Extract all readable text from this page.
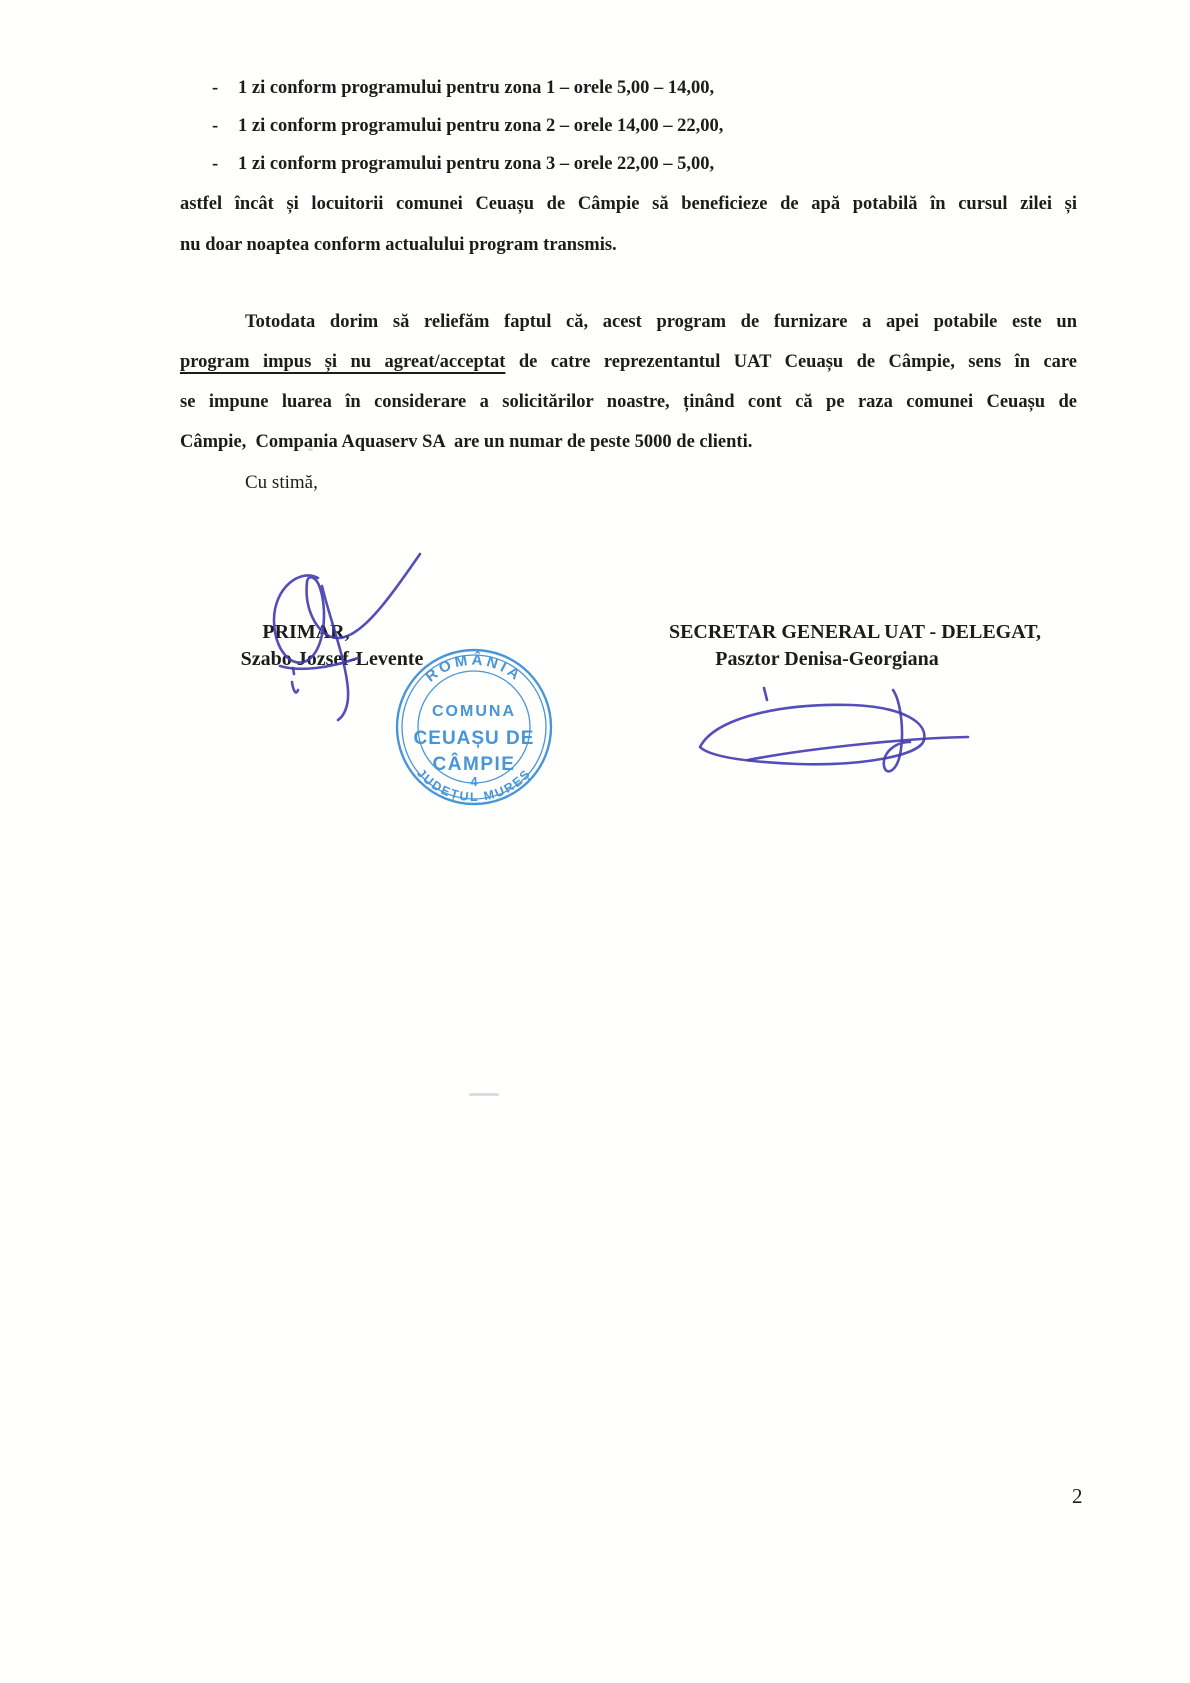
- 1 zi conform programului pentru zona 1 – orele 5,00 – 14,00,
- 1 zi conform programului pentru zona 2 – orele 14,00 – 22,00,
- 1 zi conform programului pentru zona 3 – orele 22,00 – 5,00,
astfel încât și locuitorii comunei Ceuașu de Câmpie să beneficieze de apă potabilă în cursul zilei și
nu doar noaptea conform actualului program transmis.
Totodata dorim să reliefăm faptul că, acest program de furnizare a apei potabile este un
program impus și nu agreat/acceptat de catre reprezentantul UAT Ceuașu de Câmpie, sens în care
se impune luarea în considerare a solicitărilor noastre, ținând cont că pe raza comunei Ceuașu de
Câmpie,  Compania Aquaserv SA  are un numar de peste 5000 de clienti.
Cu stimă,
PRIMAR,
Szabo Jozsef-Levente
SECRETAR GENERAL UAT - DELEGAT,
Pasztor Denisa-Georgiana
ROMÂNIA
JUDEȚUL MUREȘ
COMUNA
CEUAȘU DE
CÂMPIE
4
2
